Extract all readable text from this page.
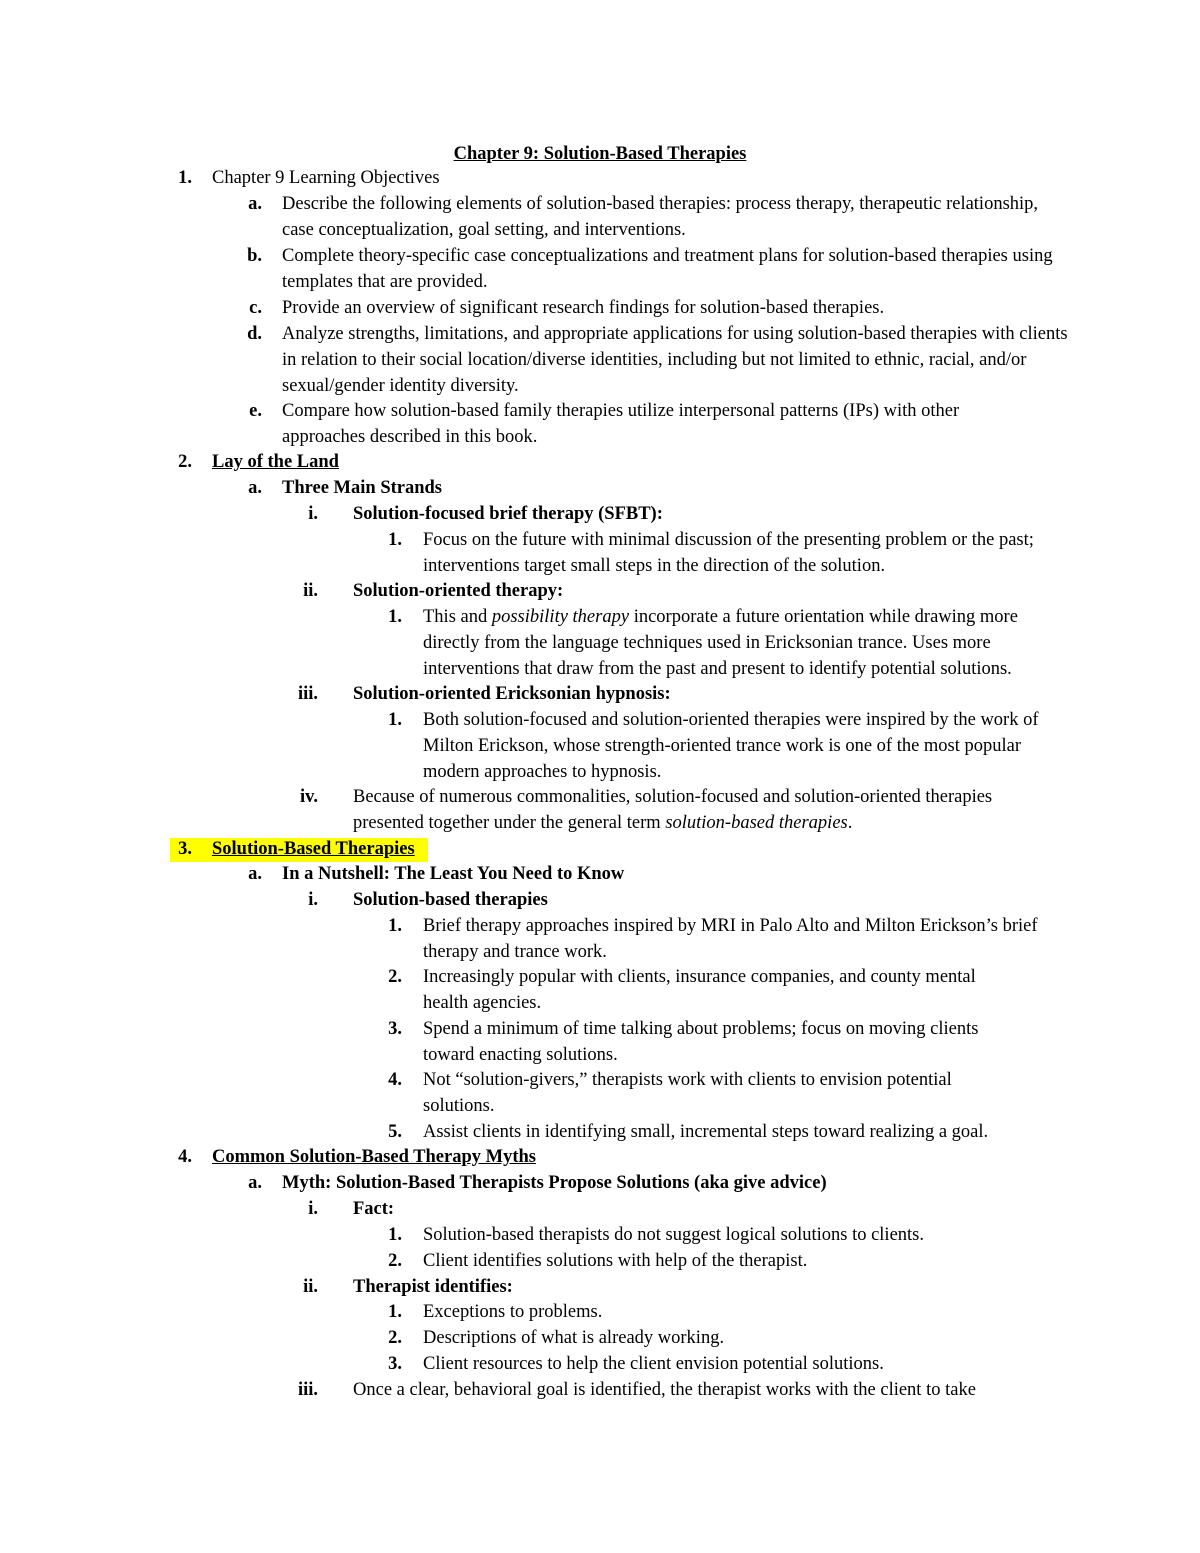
Chapter 9: Solution-Based Therapies
1. Chapter 9 Learning Objectives
a. Describe the following elements of solution-based therapies: process therapy, therapeutic relationship, case conceptualization, goal setting, and interventions.
b. Complete theory-specific case conceptualizations and treatment plans for solution-based therapies using templates that are provided.
c. Provide an overview of significant research findings for solution-based therapies.
d. Analyze strengths, limitations, and appropriate applications for using solution-based therapies with clients in relation to their social location/diverse identities, including but not limited to ethnic, racial, and/or sexual/gender identity diversity.
e. Compare how solution-based family therapies utilize interpersonal patterns (IPs) with other approaches described in this book.
2. Lay of the Land
a. Three Main Strands
i. Solution-focused brief therapy (SFBT):
1. Focus on the future with minimal discussion of the presenting problem or the past; interventions target small steps in the direction of the solution.
ii. Solution-oriented therapy:
1. This and possibility therapy incorporate a future orientation while drawing more directly from the language techniques used in Ericksonian trance. Uses more interventions that draw from the past and present to identify potential solutions.
iii. Solution-oriented Ericksonian hypnosis:
1. Both solution-focused and solution-oriented therapies were inspired by the work of Milton Erickson, whose strength-oriented trance work is one of the most popular modern approaches to hypnosis.
iv. Because of numerous commonalities, solution-focused and solution-oriented therapies presented together under the general term solution-based therapies.
3. Solution-Based Therapies
a. In a Nutshell: The Least You Need to Know
i. Solution-based therapies
1. Brief therapy approaches inspired by MRI in Palo Alto and Milton Erickson’s brief therapy and trance work.
2. Increasingly popular with clients, insurance companies, and county mental health agencies.
3. Spend a minimum of time talking about problems; focus on moving clients toward enacting solutions.
4. Not “solution-givers,” therapists work with clients to envision potential solutions.
5. Assist clients in identifying small, incremental steps toward realizing a goal.
4. Common Solution-Based Therapy Myths
a. Myth: Solution-Based Therapists Propose Solutions (aka give advice)
i. Fact:
1. Solution-based therapists do not suggest logical solutions to clients.
2. Client identifies solutions with help of the therapist.
ii. Therapist identifies:
1. Exceptions to problems.
2. Descriptions of what is already working.
3. Client resources to help the client envision potential solutions.
iii. Once a clear, behavioral goal is identified, the therapist works with the client to take
